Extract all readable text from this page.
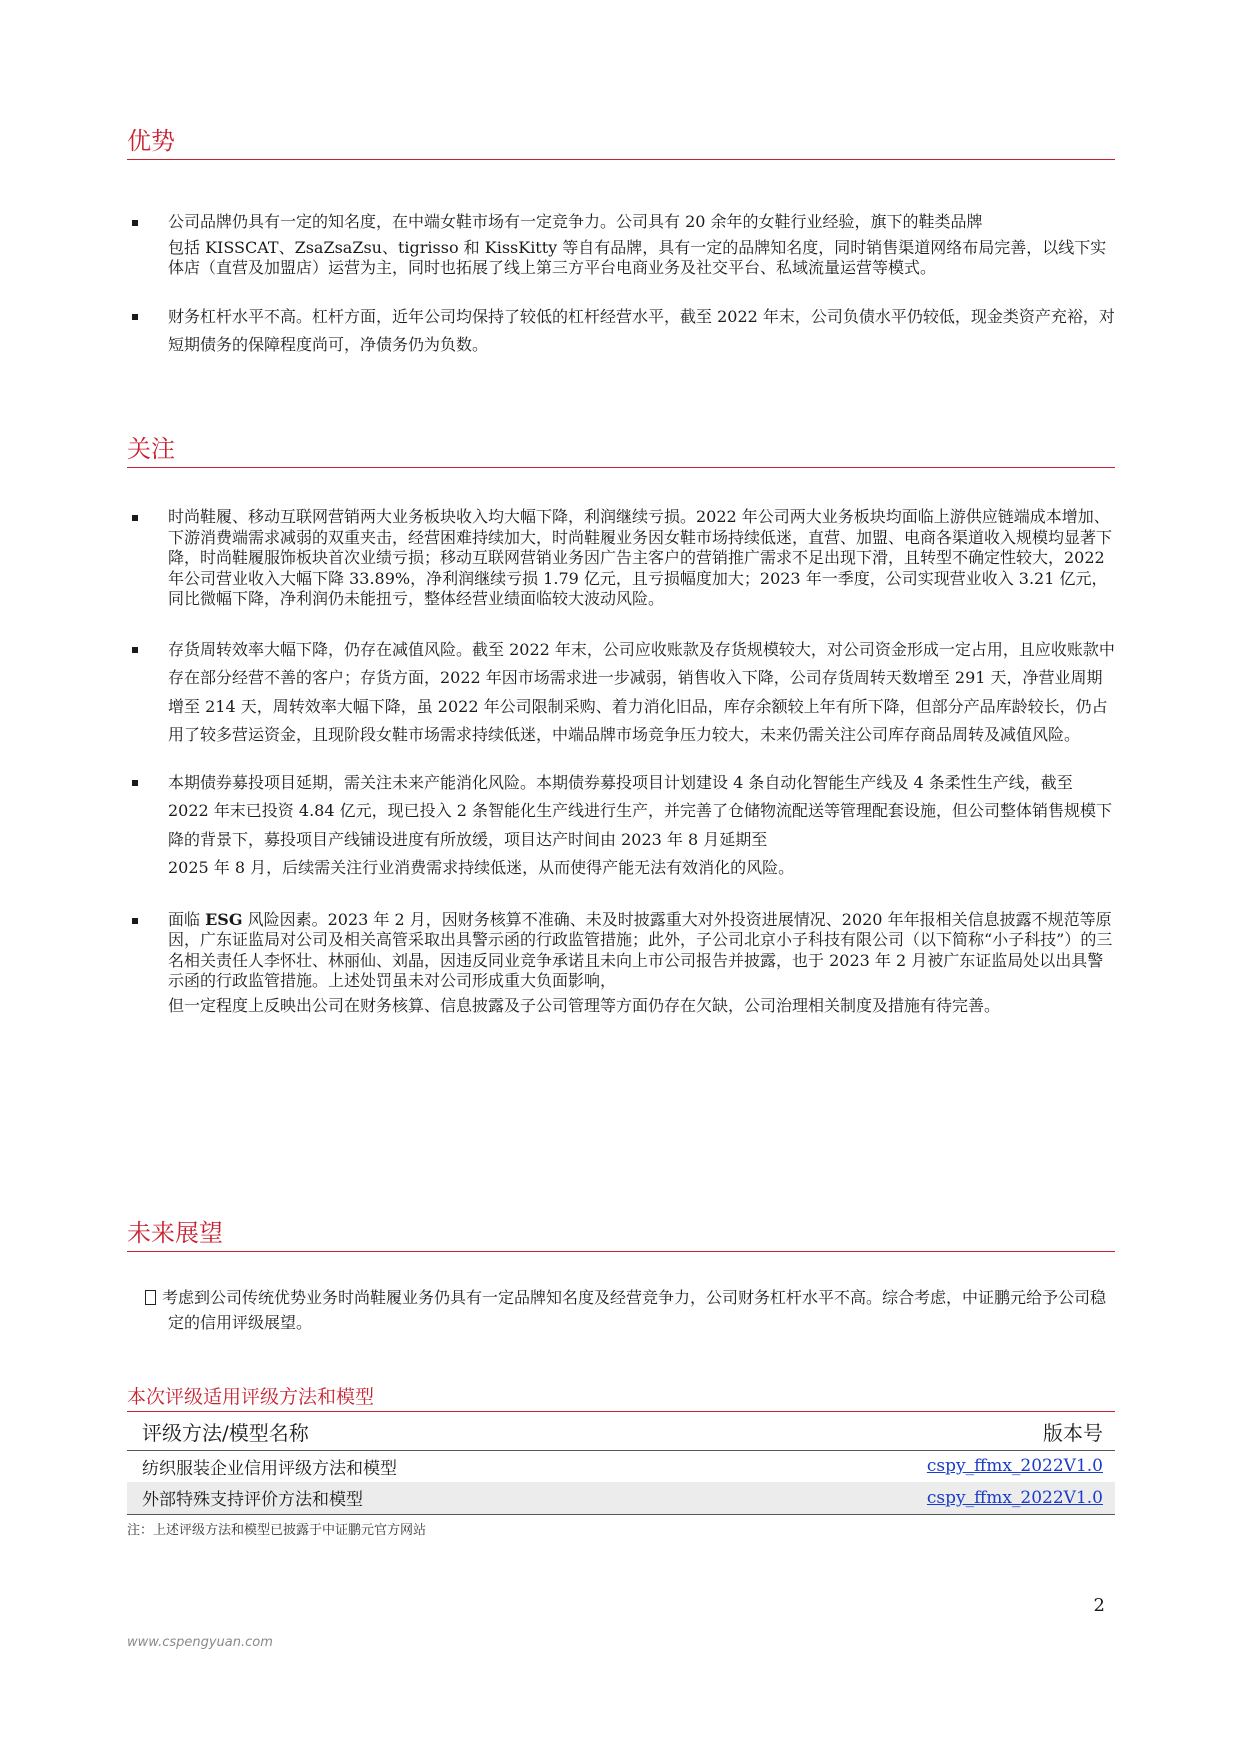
优势
公司品牌仍具有一定的知名度，在中端女鞋市场有一定竞争力。公司具有 20 余年的女鞋行业经验，旗下的鞋类品牌
包括 KISSCAT、ZsaZsaZsu、tigrisso 和 KissKitty 等自有品牌，具有一定的品牌知名度，同时销售渠道网络布局完善，以线下实体店（直营及加盟店）运营为主，同时也拓展了线上第三方平台电商业务及社交平台、私域流量运营等模式。
财务杠杆水平不高。杠杆方面，近年公司均保持了较低的杠杆经营水平，截至 2022 年末，公司负债水平仍较低，现金类资产充裕，对短期债务的保障程度尚可，净债务仍为负数。
关注
时尚鞋履、移动互联网营销两大业务板块收入均大幅下降，利润继续亏损。2022 年公司两大业务板块均面临上游供应链端成本增加、下游消费端需求减弱的双重夹击，经营困难持续加大，时尚鞋履业务因女鞋市场持续低迷，直营、加盟、电商各渠道收入规模均显著下降，时尚鞋履服饰板块首次业绩亏损；移动互联网营销业务因广告主客户的营销推广需求不足出现下滑，且转型不确定性较大，2022 年公司营业收入大幅下降 33.89%，净利润继续亏损 1.79 亿元，且亏损幅度加大；2023 年一季度，公司实现营业收入 3.21 亿元，同比微幅下降，净利润仍未能扭亏，整体经营业绩面临较大波动风险。
存货周转效率大幅下降，仍存在减值风险。截至 2022 年末，公司应收账款及存货规模较大，对公司资金形成一定占用，且应收账款中存在部分经营不善的客户；存货方面，2022 年因市场需求进一步减弱，销售收入下降，公司存货周转天数增至 291 天，净营业周期增至 214 天，周转效率大幅下降，虽 2022 年公司限制采购、着力消化旧品，库存余额较上年有所下降，但部分产品库龄较长，仍占用了较多营运资金，且现阶段女鞋市场需求持续低迷，中端品牌市场竞争压力较大，未来仍需关注公司库存商品周转及减值风险。
本期债券募投项目延期，需关注未来产能消化风险。本期债券募投项目计划建设 4 条自动化智能生产线及 4 条柔性生产线，截至 2022 年末已投资 4.84 亿元，现已投入 2 条智能化生产线进行生产，并完善了仓储物流配送等管理配套设施，但公司整体销售规模下降的背景下，募投项目产线铺设进度有所放缓，项目达产时间由 2023 年 8 月延期至
2025 年 8 月，后续需关注行业消费需求持续低迷，从而使得产能无法有效消化的风险。
面临 ESG 风险因素。2023 年 2 月，因财务核算不准确、未及时披露重大对外投资进展情况、2020 年年报相关信息披露不规范等原因，广东证监局对公司及相关高管采取出具警示函的行政监管措施；此外，子公司北京小子科技有限公司（以下简称“小子科技”）的三名相关责任人李怀壮、林丽仙、刘晶，因违反同业竞争承诺且未向上市公司报告并披露，也于 2023 年 2 月被广东证监局处以出具警示函的行政监管措施。上述处罚虽未对公司形成重大负面影响，
但一定程度上反映出公司在财务核算、信息披露及子公司管理等方面仍存在欠缺，公司治理相关制度及措施有待完善。
未来展望
考虑到公司传统优势业务时尚鞋履业务仍具有一定品牌知名度及经营竞争力，公司财务杠杆水平不高。综合考虑，中证鹏元给予公司稳定的信用评级展望。
本次评级适用评级方法和模型
评级方法/模型名称	版本号
纺织服装企业信用评级方法和模型	cspy_ffmx_2022V1.0
外部特殊支持评价方法和模型	cspy_ffmx_2022V1.0
注：上述评级方法和模型已披露于中证鹏元官方网站
2
www.cspengyuan.com
